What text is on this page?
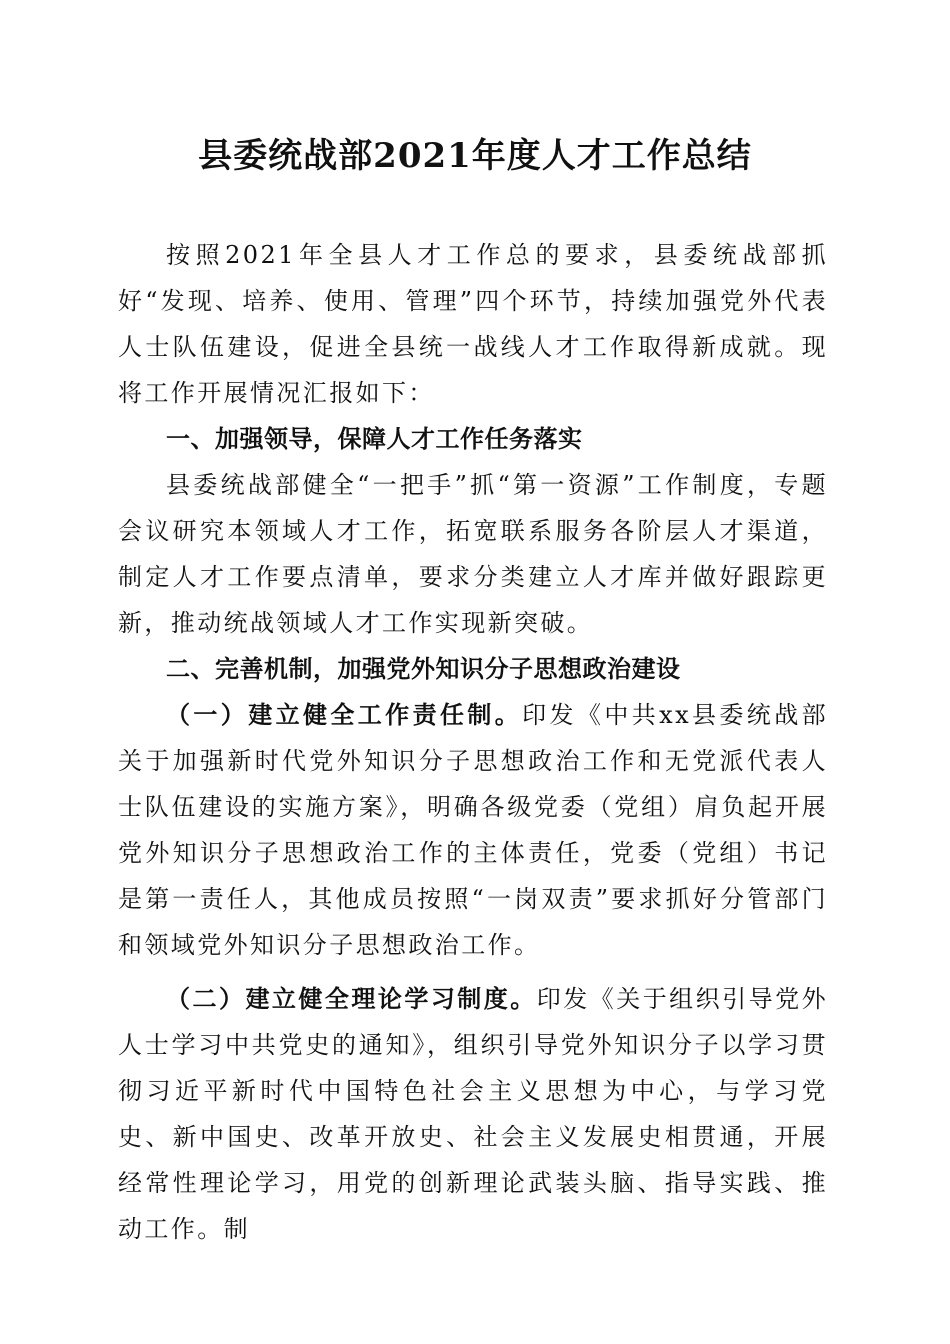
县委统战部2021年度人才工作总结

按照2021年全县人才工作总的要求，县委统战部抓好“发现、培养、使用、管理”四个环节，持续加强党外代表人士队伍建设，促进全县统一战线人才工作取得新成就。现将工作开展情况汇报如下：

一、加强领导，保障人才工作任务落实

县委统战部健全“一把手”抓“第一资源”工作制度，专题会议研究本领域人才工作，拓宽联系服务各阶层人才渠道，制定人才工作要点清单，要求分类建立人才库并做好跟踪更新，推动统战领域人才工作实现新突破。

二、完善机制，加强党外知识分子思想政治建设

（一）建立健全工作责任制。印发《中共xx县委统战部关于加强新时代党外知识分子思想政治工作和无党派代表人士队伍建设的实施方案》，明确各级党委（党组）肩负起开展党外知识分子思想政治工作的主体责任，党委（党组）书记是第一责任人，其他成员按照“一岗双责”要求抓好分管部门和领域党外知识分子思想政治工作。

（二）建立健全理论学习制度。印发《关于组织引导党外人士学习中共党史的通知》，组织引导党外知识分子以学习贯彻习近平新时代中国特色社会主义思想为中心，与学习党史、新中国史、改革开放史、社会主义发展史相贯通，开展经常性理论学习，用党的创新理论武装头脑、指导实践、推动工作。制
